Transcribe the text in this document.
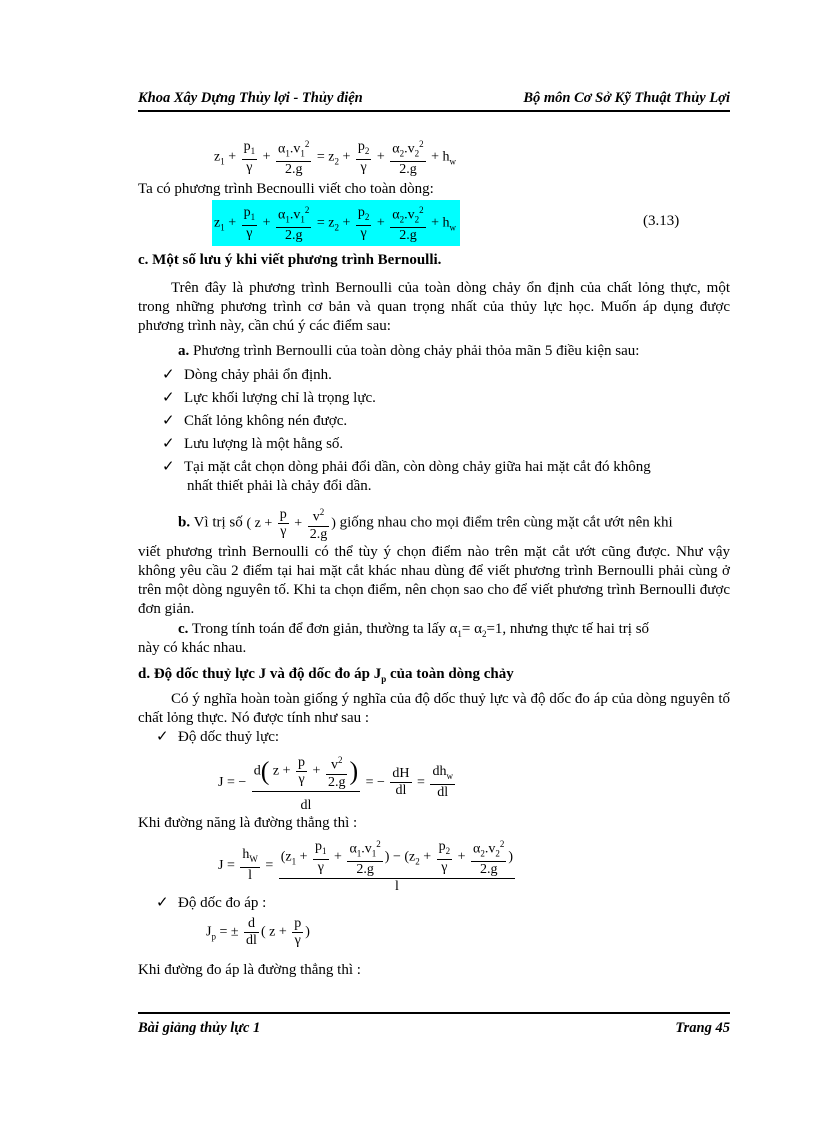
Khoa Xây Dựng Thủy lợi - Thủy điện	Bộ môn Cơ Sở Kỹ Thuật Thủy Lợi
$z_1 + \frac{p_1}{\gamma} + \frac{\alpha_1.v_1^2}{2.g} = z_2 + \frac{p_2}{\gamma} + \frac{\alpha_2.v_2^2}{2.g} + h_w$
Ta có phương trình Becnoulli viết cho toàn dòng:
$z_1 + \frac{p_1}{\gamma} + \frac{\alpha_1.v_1^2}{2.g} = z_2 + \frac{p_2}{\gamma} + \frac{\alpha_2.v_2^2}{2.g} + h_w$	(3.13)
c. Một số lưu ý khi viết phương trình Bernoulli.
Trên đây là phương trình Bernoulli của toàn dòng chảy ổn định của chất lỏng thực, một trong những phương trình cơ bản và quan trọng nhất của thủy lực học. Muốn áp dụng được phương trình này, cần chú ý các điểm sau:
a. Phương trình Bernoulli của toàn dòng chảy phải thỏa mãn 5 điều kiện sau:
✓ Dòng chảy phải ổn định.
✓ Lực khối lượng chỉ là trọng lực.
✓ Chất lỏng không nén được.
✓ Lưu lượng là một hằng số.
✓ Tại mặt cắt chọn dòng phải đổi dần, còn dòng chảy giữa hai mặt cắt đó không
nhất thiết phải là chảy đổi dần.
b. Vì trị số ( $z + \frac{p}{\gamma} + \frac{v^2}{2.g}$ ) giống nhau cho mọi điểm trên cùng mặt cắt ướt nên khi
viết phương trình Bernoulli có thể tùy ý chọn điểm nào trên mặt cắt ướt cũng được. Như vậy không yêu cầu 2 điểm tại hai mặt cắt khác nhau dùng để viết phương trình Bernoulli phải cùng ở trên một dòng nguyên tố. Khi ta chọn điểm, nên chọn sao cho để viết phương trình Bernoulli được đơn giản.
c. Trong tính toán để đơn giản, thường ta lấy $\alpha_1= \alpha_2=1$, nhưng thực tế hai trị số
này có khác nhau.
d. Độ dốc thuỷ lực J và độ dốc đo áp $J_p$ của toàn dòng chảy
Có ý nghĩa hoàn toàn giống ý nghĩa của độ dốc thuỷ lực và độ dốc đo áp của dòng nguyên tố chất lỏng thực. Nó được tính như sau :
✓ Độ dốc thuỷ lực:
J = − $\frac{d( z + \frac{p}{\gamma} + \frac{v^2}{2.g} )}{dl}$ = − $\frac{dH}{dl} = \frac{dh_w}{dl}$
Khi đường năng là đường thẳng thì :
$J = \frac{h_W}{l} = \frac{(z_1 + \frac{p_1}{\gamma} + \frac{\alpha_1.v_1^2}{2.g} ) - (z_2 + \frac{p_2}{\gamma} + \frac{\alpha_2.v_2^2}{2.g} )}{l}$
✓ Độ dốc đo áp :
$J_p$ = ± $\frac{d}{dl}$ ( $z + \frac{p}{\gamma}$ )
Khi đường đo áp là đường thẳng thì :
Bài giảng thủy lực 1	Trang 45
